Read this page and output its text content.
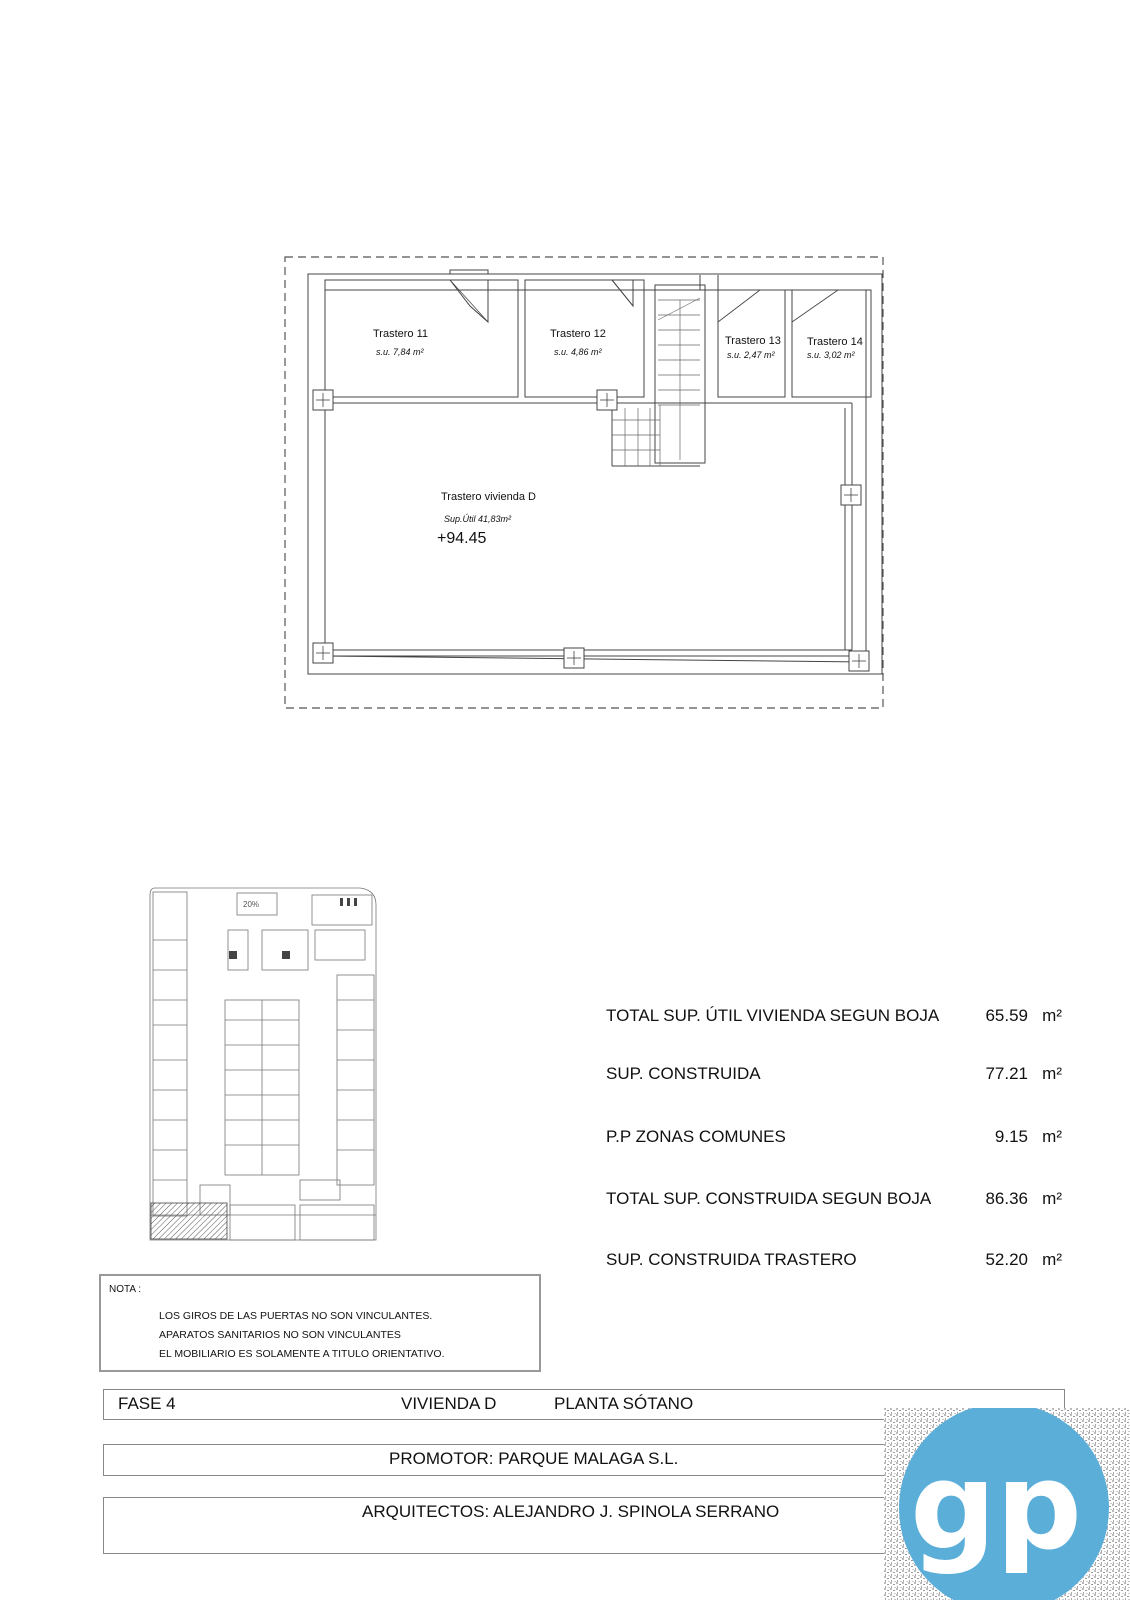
Trastero 11
s.u. 7,84 m²
Trastero 12
s.u. 4,86 m²
Trastero 13
s.u. 2,47 m²
Trastero 14
s.u. 3,02 m²
Trastero vivienda D
Sup.Útil 41,83m²
+94.45
20%
TOTAL SUP. ÚTIL VIVIENDA SEGUN BOJA	65.59 m²
SUP. CONSTRUIDA	77.21 m²
P.P ZONAS COMUNES	9.15 m²
TOTAL SUP. CONSTRUIDA SEGUN BOJA	86.36 m²
SUP. CONSTRUIDA TRASTERO	52.20 m²
NOTA :
LOS GIROS DE LAS PUERTAS NO SON VINCULANTES.
APARATOS SANITARIOS NO SON VINCULANTES
EL MOBILIARIO ES SOLAMENTE A TITULO ORIENTATIVO.
FASE 4	VIVIENDA D	PLANTA SÓTANO
PROMOTOR: PARQUE MALAGA S.L.
ARQUITECTOS: ALEJANDRO J. SPINOLA SERRANO gp
